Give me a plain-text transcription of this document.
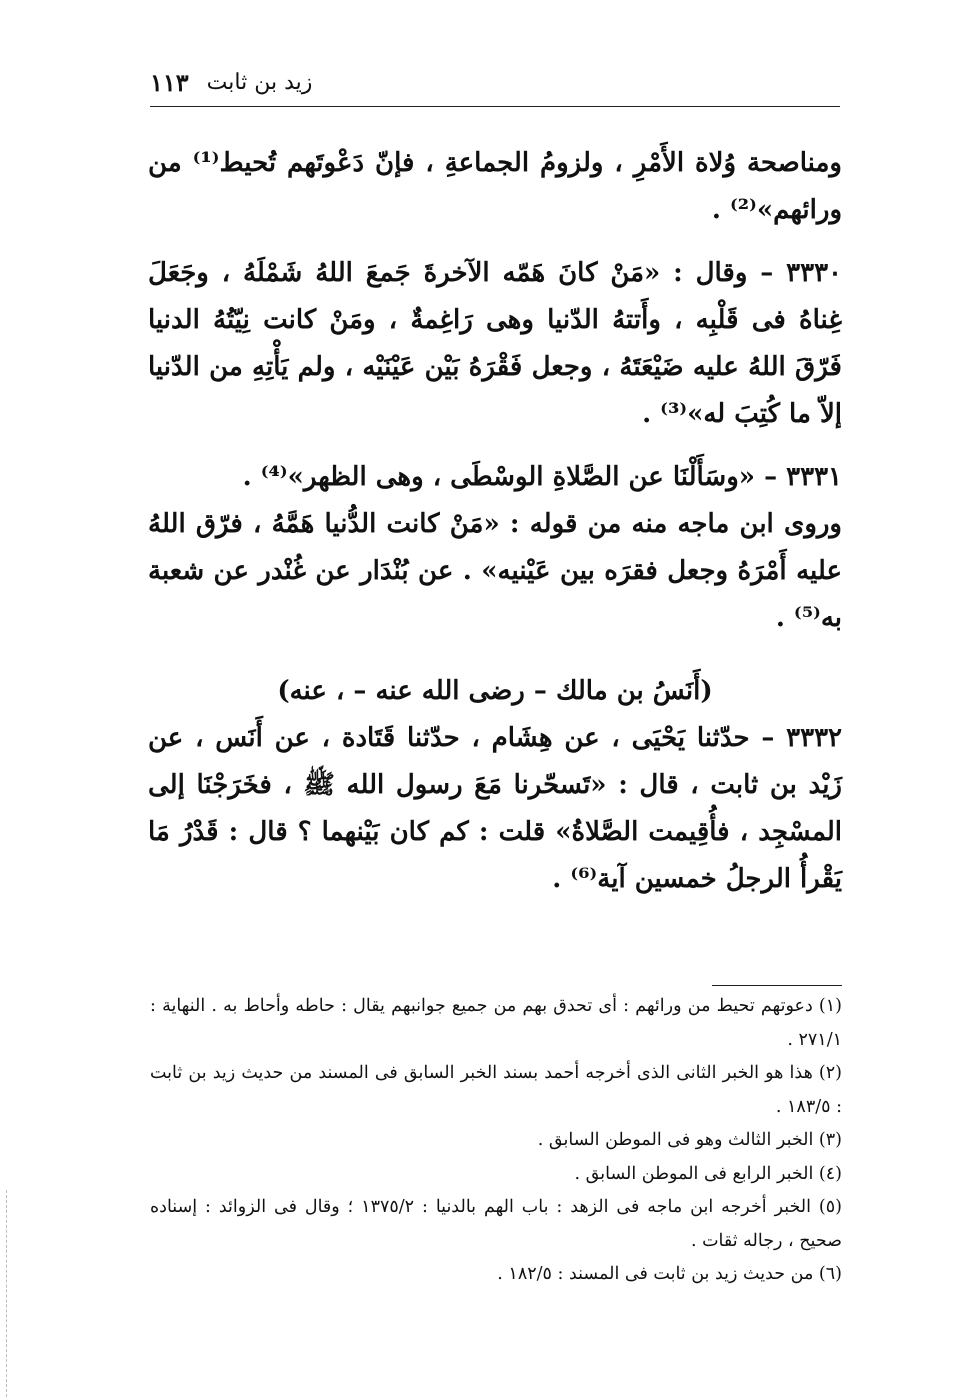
زيد بن ثابت
١١٣

ومناصحة وُلاة الأَمْرِ ، ولزومُ الجماعةِ ، فإنّ دَعْوتَهم تُحيط⁽¹⁾ من ورائهم»⁽²⁾ .

٣٣٣٠ – وقال : «مَنْ كانَ هَمّه الآخرةَ جَمعَ اللهُ شَمْلَهُ ، وجَعَلَ غِناهُ فى قَلْبِه ، وأَتتهُ الدّنيا وهى رَاغِمةٌ ، ومَنْ كانت نِيّتُهُ الدنيا فَرّقَ اللهُ عليه ضَيْعَتَهُ ، وجعل فَقْرَهُ بَيْن عَيْنَيْه ، ولم يَأْتِهِ من الدّنيا إلاّ ما كُتِبَ له»⁽³⁾ .

٣٣٣١ – «وسَأَلْنَا عن الصَّلاةِ الوسْطَى ، وهى الظهر»⁽⁴⁾ .

وروى ابن ماجه منه من قوله : «مَنْ كانت الدُّنيا هَمَّهُ ، فرّق اللهُ عليه أَمْرَهُ وجعل فقرَه بين عَيْنيه» . عن بُنْدَار عن غُنْدر عن شعبة به⁽⁵⁾ .

(أَنَسُ بن مالك – رضى الله عنه – ، عنه)

٣٣٣٢ – حدّثنا يَحْيَى ، عن هِشَام ، حدّثنا قَتَادة ، عن أَنَس ، عن زَيْد بن ثابت ، قال : «تَسحّرنا مَعَ رسول الله ﷺ ، فخَرَجْنَا إلى المسْجِد ، فأُقِيمت الصَّلاةُ» قلت : كم كان بَيْنهما ؟ قال : قَدْرُ مَا يَقْرأُ الرجلُ خمسين آية⁽⁶⁾ .

(١) دعوتهم تحيط من ورائهم : أى تحدق بهم من جميع جوانبهم يقال : حاطه وأحاط به . النهاية : ٢٧١/١ .

(٢) هذا هو الخبر الثانى الذى أخرجه أحمد بسند الخبر السابق فى المسند من حديث زيد بن ثابت : ١٨٣/٥ .

(٣) الخبر الثالث وهو فى الموطن السابق .

(٤) الخبر الرابع فى الموطن السابق .

(٥) الخبر أخرجه ابن ماجه فى الزهد : باب الهم بالدنيا : ١٣٧٥/٢ ؛ وقال فى الزوائد : إسناده صحيح ، رجاله ثقات .

(٦) من حديث زيد بن ثابت فى المسند : ١٨٢/٥ .
